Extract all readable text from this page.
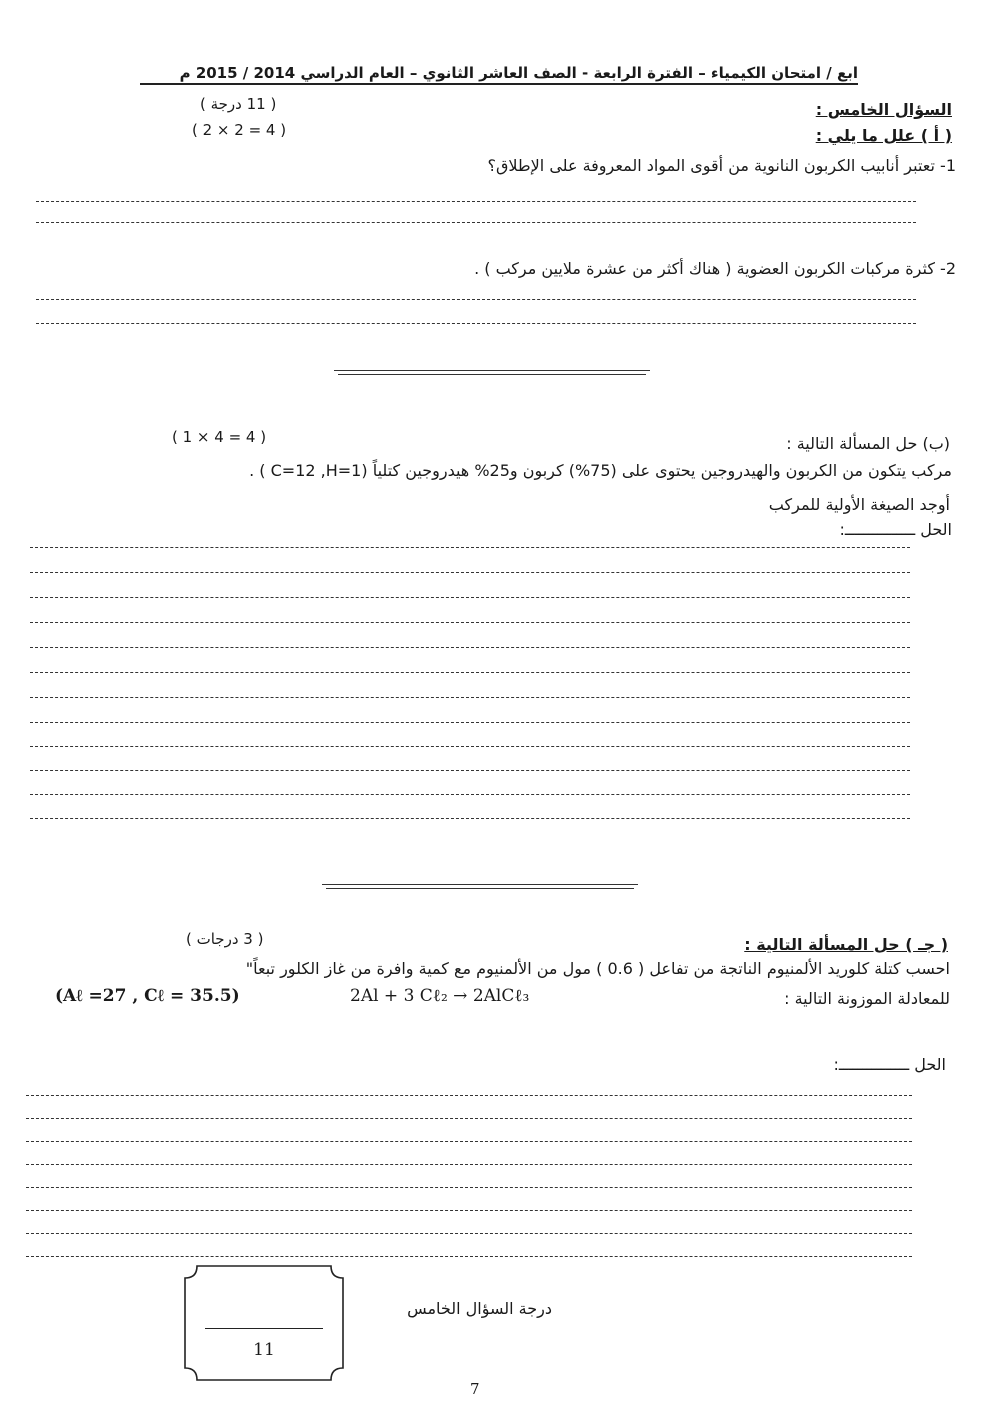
ابع / امتحان الكيمياء – الفترة الرابعة - الصف العاشر الثانوي – العام الدراسي 2014 / 2015 م
السؤال الخامس :
( 11 درجة )
( 2 × 2 = 4 )	( أ ) علل ما يلي :
1- تعتبر أنابيب الكربون النانوية من أقوى المواد المعروفة على الإطلاق؟
2- كثرة مركبات الكربون العضوية ( هناك أكثر من عشرة ملايين مركب ) .
( 1 × 4 = 4 )	(ب) حل المسألة التالية :
مركب يتكون من الكربون والهيدروجين يحتوى على (75%) كربون و25% هيدروجين كتلياً (C=12 ,H=1 ) .
أوجد الصيغة الأولية للمركب
الحل ـــــــــــــــ:
( 3 درجات )	( جـ ) حل المسألة التالية :
احسب كتلة كلوريد الألمنيوم الناتجة من تفاعل ( 0.6 ) مول من الألمنيوم مع كمية وافرة من غاز الكلور تبعاً"
للمعادلة الموزونة التالية :
2Al + 3 Cℓ₂ → 2AlCℓ₃
(Aℓ =27 , Cℓ = 35.5)
الحل ـــــــــــــــ:
11
درجة السؤال الخامس
7
